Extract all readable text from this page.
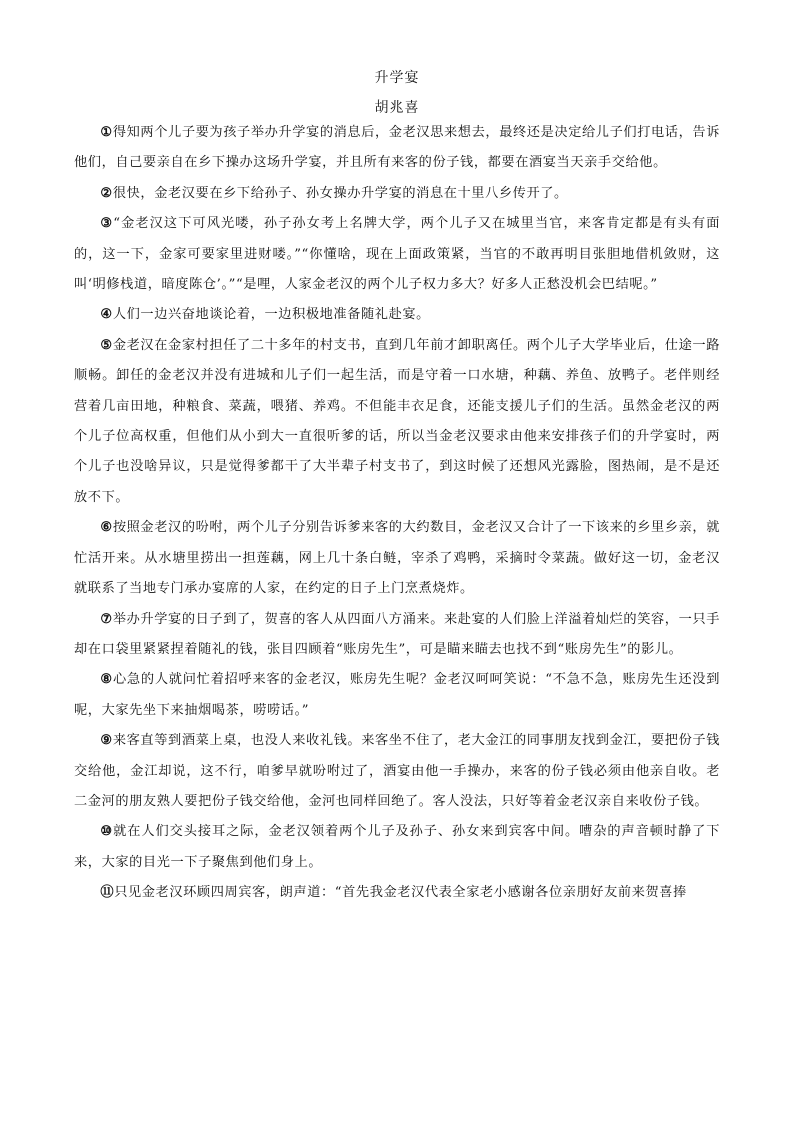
升学宴
胡兆喜

①得知两个儿子要为孩子举办升学宴的消息后，金老汉思来想去，最终还是决定给儿子们打电话，告诉他们，自己要亲自在乡下操办这场升学宴，并且所有来客的份子钱，都要在酒宴当天亲手交给他。

②很快，金老汉要在乡下给孙子、孙女操办升学宴的消息在十里八乡传开了。

③“金老汉这下可风光喽，孙子孙女考上名牌大学，两个儿子又在城里当官，来客肯定都是有头有面的，这一下，金家可要家里进财喽。”“你懂啥，现在上面政策紧，当官的不敢再明目张胆地借机敛财，这叫‘明修栈道，暗度陈仓’。”“是哩，人家金老汉的两个儿子权力多大？好多人正愁没机会巴结呢。”

④人们一边兴奋地谈论着，一边积极地准备随礼赴宴。

⑤金老汉在金家村担任了二十多年的村支书，直到几年前才卸职离任。两个儿子大学毕业后，仕途一路顺畅。卸任的金老汉并没有进城和儿子们一起生活，而是守着一口水塘，种藕、养鱼、放鸭子。老伴则经营着几亩田地，种粮食、菜蔬，喂猪、养鸡。不但能丰衣足食，还能支援儿子们的生活。虽然金老汉的两个儿子位高权重，但他们从小到大一直很听爹的话，所以当金老汉要求由他来安排孩子们的升学宴时，两个儿子也没啥异议，只是觉得爹都干了大半辈子村支书了，到这时候了还想风光露脸，图热闹，是不是还放不下。

⑥按照金老汉的吩咐，两个儿子分别告诉爹来客的大约数目，金老汉又合计了一下该来的乡里乡亲，就忙活开来。从水塘里捞出一担莲藕，网上几十条白鲢，宰杀了鸡鸭，采摘时令菜蔬。做好这一切，金老汉就联系了当地专门承办宴席的人家，在约定的日子上门烹煮烧炸。

⑦举办升学宴的日子到了，贺喜的客人从四面八方涌来。来赴宴的人们脸上洋溢着灿烂的笑容，一只手却在口袋里紧紧捏着随礼的钱，张目四顾着“账房先生”，可是瞄来瞄去也找不到“账房先生”的影儿。

⑧心急的人就问忙着招呼来客的金老汉，账房先生呢？金老汉呵呵笑说：“不急不急，账房先生还没到呢，大家先坐下来抽烟喝茶，唠唠话。”

⑨来客直等到酒菜上桌，也没人来收礼钱。来客坐不住了，老大金江的同事朋友找到金江，要把份子钱交给他，金江却说，这不行，咱爹早就吩咐过了，酒宴由他一手操办，来客的份子钱必须由他亲自收。老二金河的朋友熟人要把份子钱交给他，金河也同样回绝了。客人没法，只好等着金老汉亲自来收份子钱。

⑩就在人们交头接耳之际，金老汉领着两个儿子及孙子、孙女来到宾客中间。嘈杂的声音顿时静了下来，大家的目光一下子聚焦到他们身上。

⑪只见金老汉环顾四周宾客，朗声道：“首先我金老汉代表全家老小感谢各位亲朋好友前来贺喜捧
